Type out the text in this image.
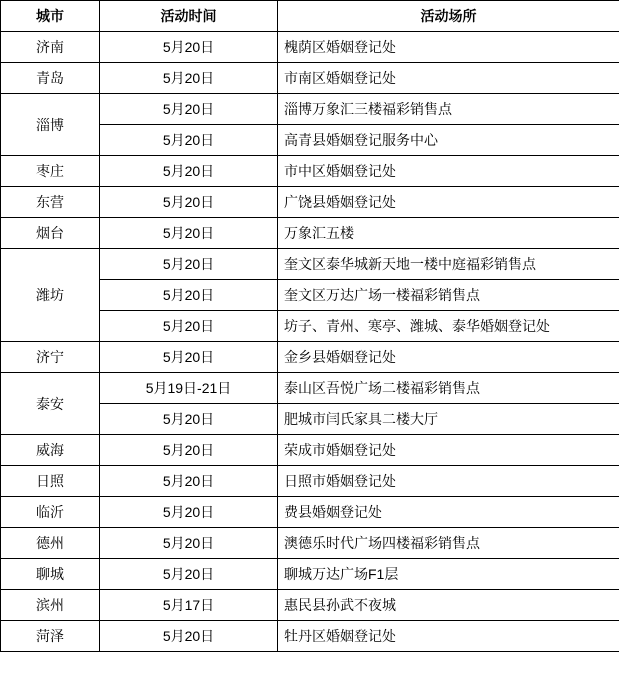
城市	活动时间	活动场所
济南	5月20日	槐荫区婚姻登记处
青岛	5月20日	市南区婚姻登记处
淄博	5月20日	淄博万象汇三楼福彩销售点
	5月20日	高青县婚姻登记服务中心
枣庄	5月20日	市中区婚姻登记处
东营	5月20日	广饶县婚姻登记处
烟台	5月20日	万象汇五楼
潍坊	5月20日	奎文区泰华城新天地一楼中庭福彩销售点
	5月20日	奎文区万达广场一楼福彩销售点
	5月20日	坊子、青州、寒亭、潍城、泰华婚姻登记处
济宁	5月20日	金乡县婚姻登记处
泰安	5月19日-21日	泰山区吾悦广场二楼福彩销售点
	5月20日	肥城市闫氏家具二楼大厅
威海	5月20日	荣成市婚姻登记处
日照	5月20日	日照市婚姻登记处
临沂	5月20日	费县婚姻登记处
德州	5月20日	澳德乐时代广场四楼福彩销售点
聊城	5月20日	聊城万达广场F1层
滨州	5月17日	惠民县孙武不夜城
菏泽	5月20日	牡丹区婚姻登记处
